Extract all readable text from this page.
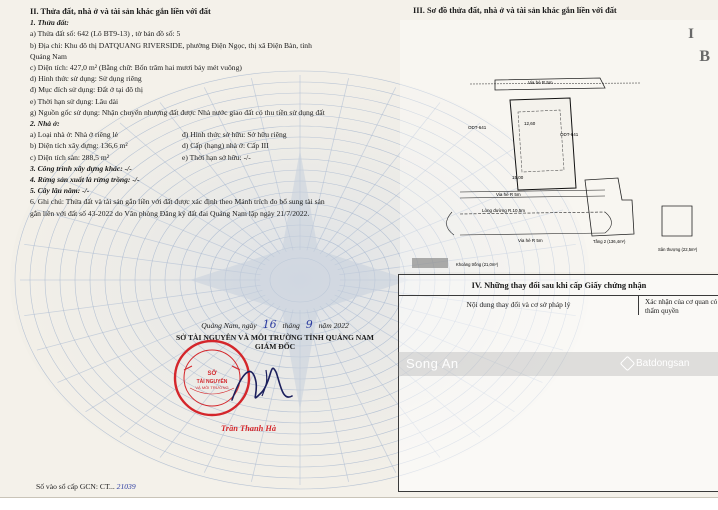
II. Thửa đất, nhà ở và tài sản khác gắn liền với đất
1. Thửa đất:
a) Thửa đất số: 642 (Lô BT9-13) , tờ bản đồ số: 5
b) Địa chỉ: Khu đô thị DATQUANG RIVERSIDE, phường Điện Ngọc, thị xã Điện Bàn, tỉnh
Quảng Nam
c) Diện tích: 427,0 m² (Bằng chữ: Bốn trăm hai mươi bảy mét vuông)
d) Hình thức sử dụng: Sử dụng riêng
đ) Mục đích sử dụng: Đất ở tại đô thị
e) Thời hạn sử dụng: Lâu dài
g) Nguồn gốc sử dụng: Nhận chuyển nhượng đất được Nhà nước giao đất có thu tiền sử dụng đất
2. Nhà ở:
a) Loại nhà ở: Nhà ở riêng lẻ	đ) Hình thức sở hữu: Sở hữu riêng
b) Diện tích xây dựng: 136,6 m²	d) Cấp (hạng) nhà ở: Cấp III
c) Diện tích sàn: 288,5 m²	e) Thời hạn sở hữu: -/-
3. Công trình xây dựng khác: -/-
4. Rừng sản xuất là rừng trồng: -/-
5. Cây lâu năm: -/-
6. Ghi chú: Thửa đất và tài sản gắn liền với đất được xác định theo Mảnh trích đo bổ sung tài sản
gắn liền với đất số 43-2022 do Văn phòng Đăng ký đất đai Quảng Nam lập ngày 21/7/2022.
III. Sơ đồ thửa đất, nhà ở và tài sản khác gắn liền với đất
I
B
Via hè R 5m
12,60
ODT-641
ODT-641
Via hè R 5m
15,00
Lòng đường R.10,5m
Via hè R 5m	Tầng 2 (136,4m²)
Sân thượng (22,5m²)
Khoảng trống (21,0m²)
IV. Những thay đổi sau khi cấp Giấy chứng nhận
Nội dung thay đổi và cơ sở pháp lý	Xác nhận của cơ quan có thẩm quyền
Quảng Nam, ngày 16 tháng 9 năm 2022
SỞ TÀI NGUYÊN VÀ MÔI TRƯỜNG TỈNH QUẢNG NAM
GIÁM ĐỐC
SỞ
TÀI NGUYÊN
VÀ MÔI TRƯỜNG
Trần Thanh Hà
Song An	Batdongsan
Số vào sổ cấp GCN: CT... 21039
